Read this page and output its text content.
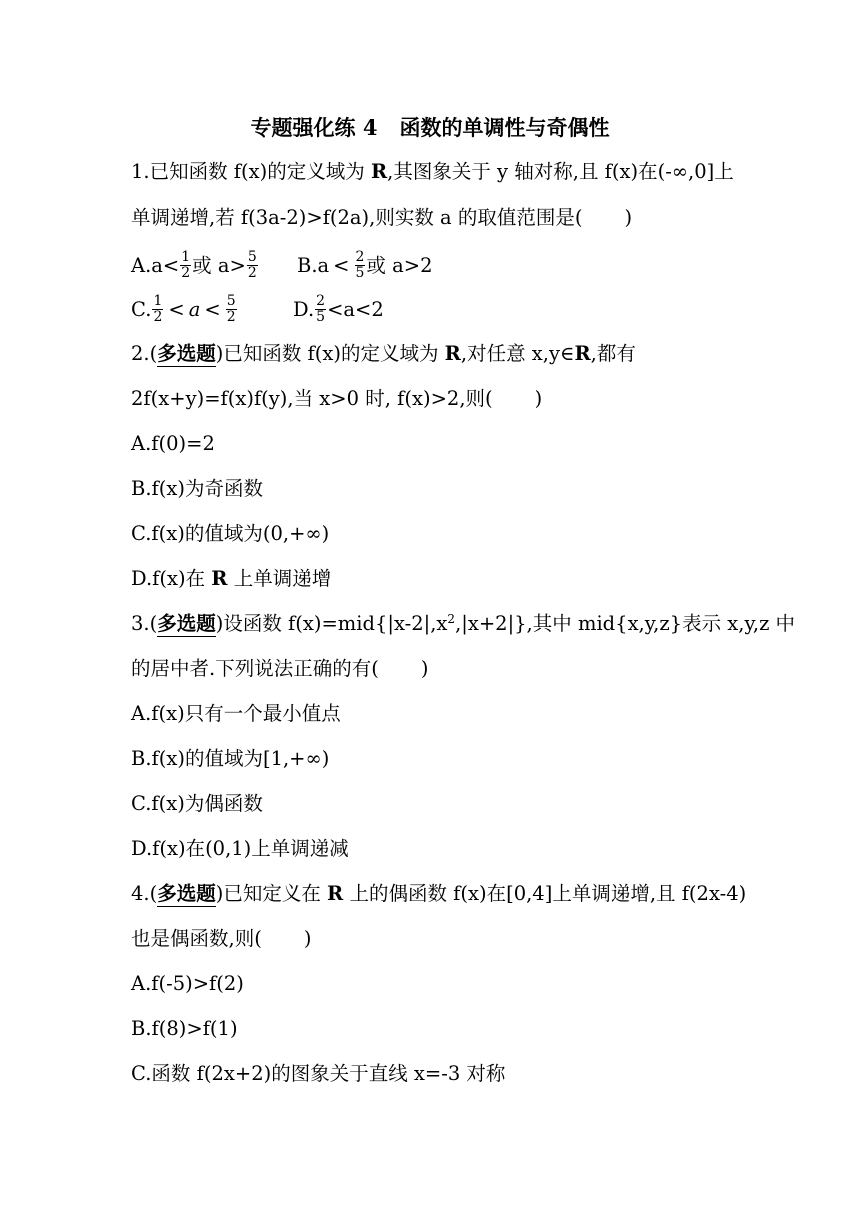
专题强化练 4 函数的单调性与奇偶性
1.已知函数 f(x)的定义域为 R,其图象关于 y 轴对称,且 f(x)在(-∞,0]上
单调递增,若 f(3a-2)>f(2a),则实数 a 的取值范围是( )
$A.a< \frac{1}{2}$ 或 $a> \frac{5}{2} B.a < \frac{2}{5}$ 或 a>2
C. $\frac{1}{2} < a < \frac{5}{2}$	D. $\frac{2}{5} <a<2$
2.(多选题)已知函数 f(x)的定义域为 R,对任意 x,y∈R,都有
2f(x+y)=f(x)f(y),当 x>0 时, f(x)>2,则( )
A.f(0)=2
B.f(x)为奇函数
C.f(x)的值域为(0,+∞)
D.f(x)在 R 上单调递增
3.(多选题)设函数 $f(x)=mid\{|x-2|,x^2,|x+2|\}$,其中 mid{x,y,z}表示 x,y,z 中
的居中者.下列说法正确的有( )
A.f(x)只有一个最小值点
B.f(x)的值域为[1,+∞)
C.f(x)为偶函数
D.f(x)在(0,1)上单调递减
4.(多选题)已知定义在 R 上的偶函数 f(x)在[0,4]上单调递增,且 f(2x-4)
也是偶函数,则( )
A.f(-5)>f(2)
B.f(8)>f(1)
C.函数 f(2x+2)的图象关于直线 x=-3 对称
